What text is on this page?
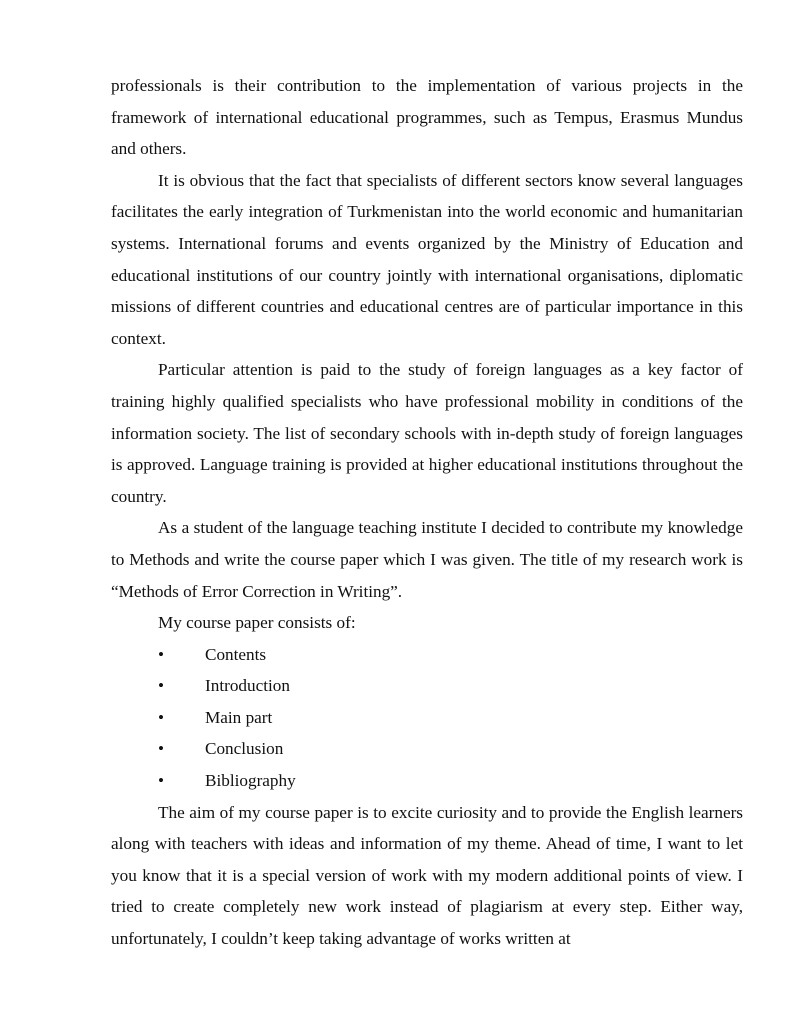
professionals is their contribution to the implementation of various projects in the framework of international educational programmes, such as Tempus, Erasmus Mundus and others.

It is obvious that the fact that specialists of different sectors know several languages facilitates the early integration of Turkmenistan into the world economic and humanitarian systems. International forums and events organized by the Ministry of Education and educational institutions of our country jointly with international organisations, diplomatic missions of different countries and educational centres are of particular importance in this context.

Particular attention is paid to the study of foreign languages as a key factor of training highly qualified specialists who have professional mobility in conditions of the information society. The list of secondary schools with in-depth study of foreign languages is approved. Language training is provided at higher educational institutions throughout the country.

As a student of the language teaching institute I decided to contribute my knowledge to Methods and write the course paper which I was given. The title of my research work is “Methods of Error Correction in Writing”.

My course paper consists of:

• Contents
• Introduction
• Main part
• Conclusion
• Bibliography

The aim of my course paper is to excite curiosity and to provide the English learners along with teachers with ideas and information of my theme. Ahead of time, I want to let you know that it is a special version of work with my modern additional points of view. I tried to create completely new work instead of plagiarism at every step. Either way, unfortunately, I couldn’t keep taking advantage of works written at
